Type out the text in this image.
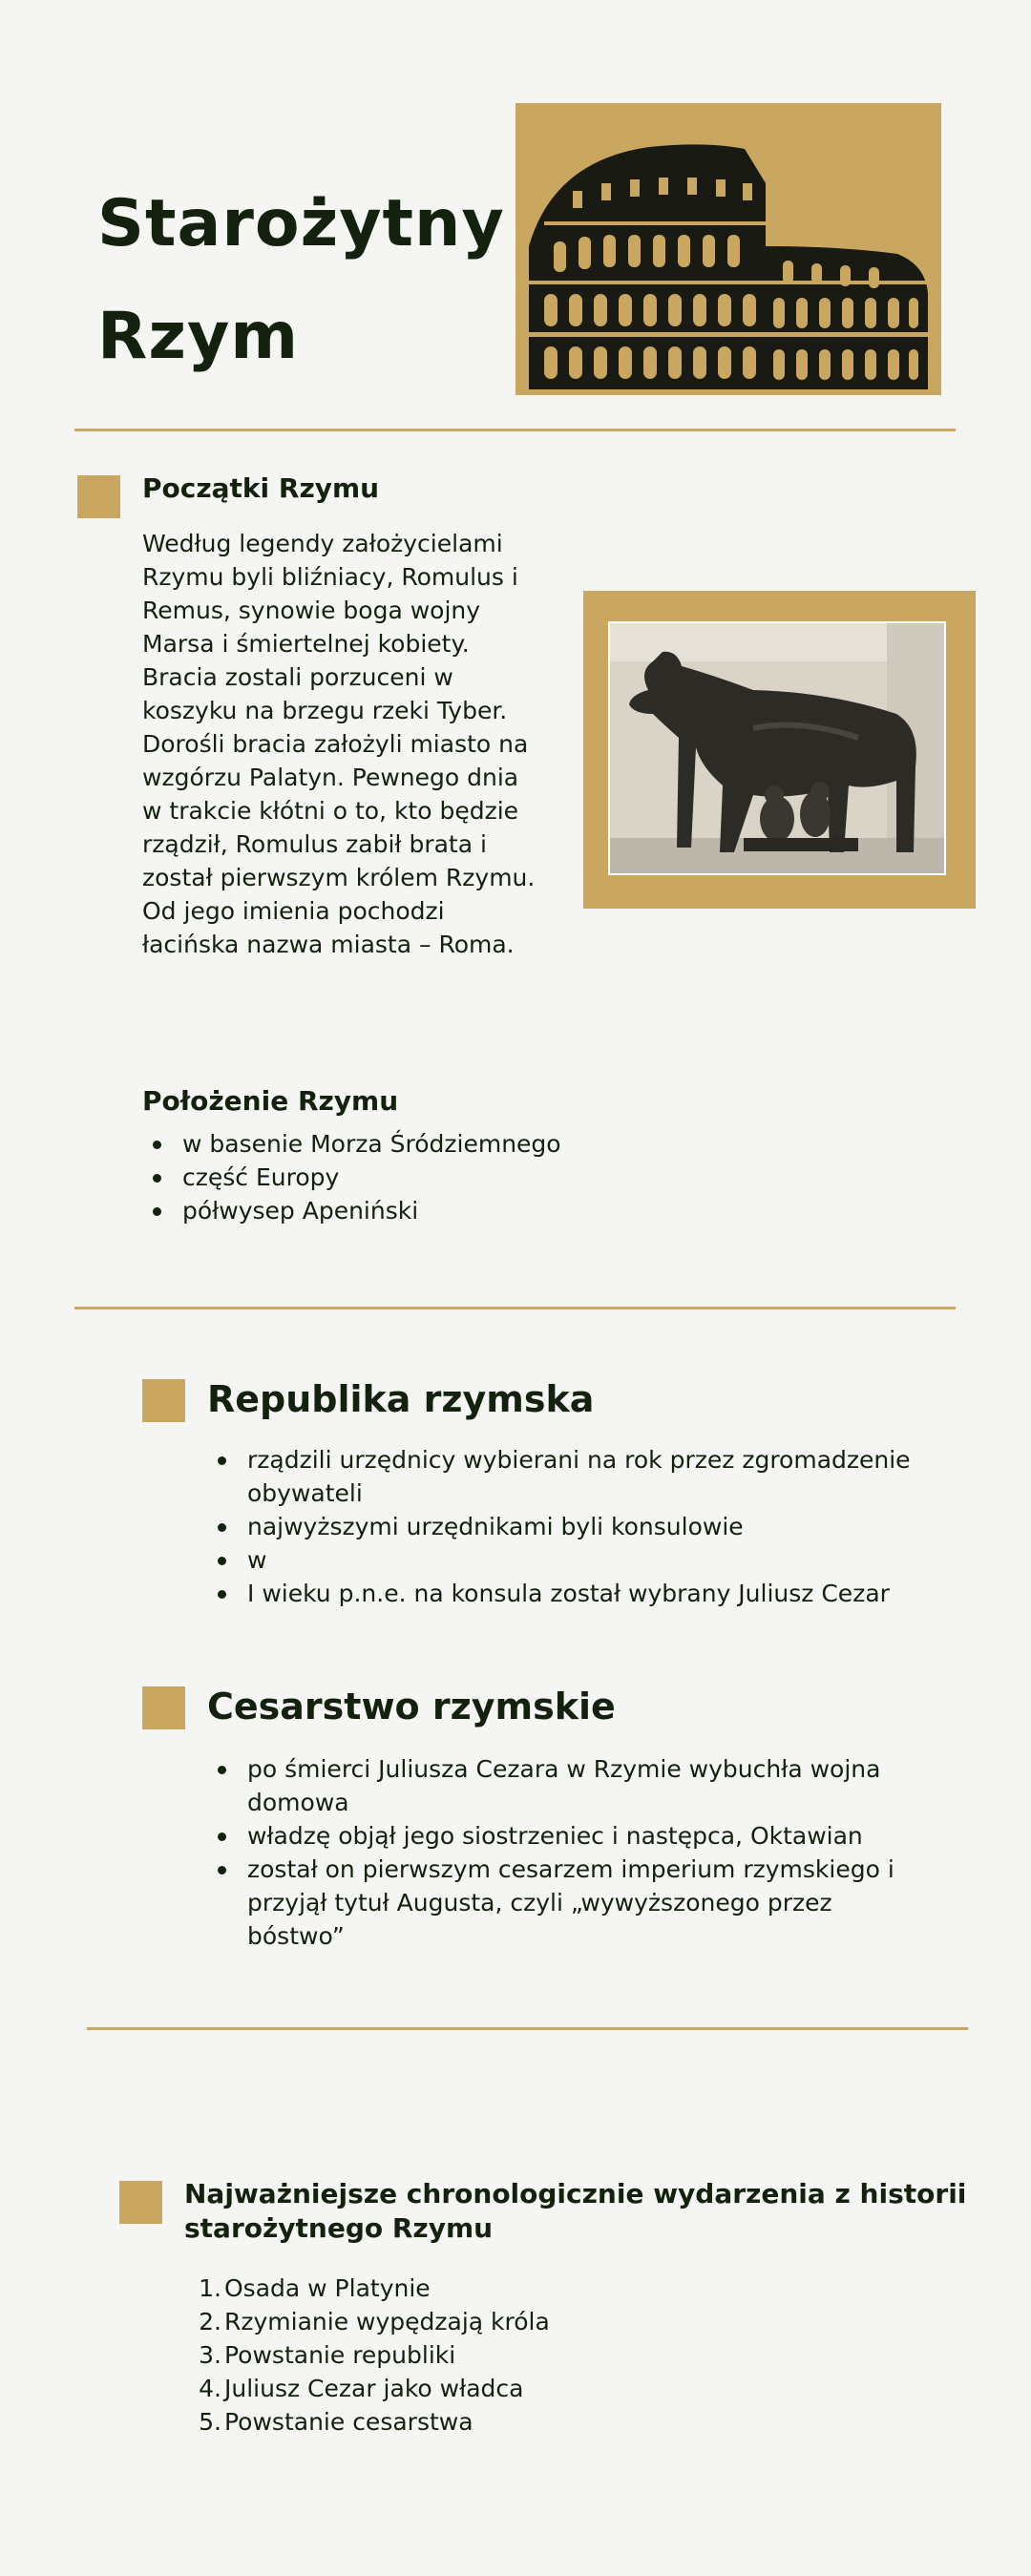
Starożytny Rzym
Początki Rzymu

Według legendy założycielami Rzymu byli bliźniacy, Romulus i Remus, synowie boga wojny Marsa i śmiertelnej kobiety. Bracia zostali porzuceni w koszyku na brzegu rzeki Tyber. Dorośli bracia założyli miasto na wzgórzu Palatyn. Pewnego dnia w trakcie kłótni o to, kto będzie rządził, Romulus zabił brata i został pierwszym królem Rzymu. Od jego imienia pochodzi łacińska nazwa miasta – Roma.

Położenie Rzymu
w basenie Morza Śródziemnego
część Europy
półwysep Apeniński
Republika rzymska
rządzili urzędnicy wybierani na rok przez zgromadzenie obywateli
najwyższymi urzędnikami byli konsulowie
w
I wieku p.n.e. na konsula został wybrany Juliusz Cezar
Cesarstwo rzymskie
po śmierci Juliusza Cezara w Rzymie wybuchła wojna domowa
władzę objął jego siostrzeniec i następca, Oktawian
został on pierwszym cesarzem imperium rzymskiego i przyjął tytuł Augusta, czyli „wywyższonego przez bóstwo”
Najważniejsze chronologicznie wydarzenia z historii starożytnego Rzymu
1. Osada w Platynie
2. Rzymianie wypędzają króla
3. Powstanie republiki
4. Juliusz Cezar jako władca
5. Powstanie cesarstwa
